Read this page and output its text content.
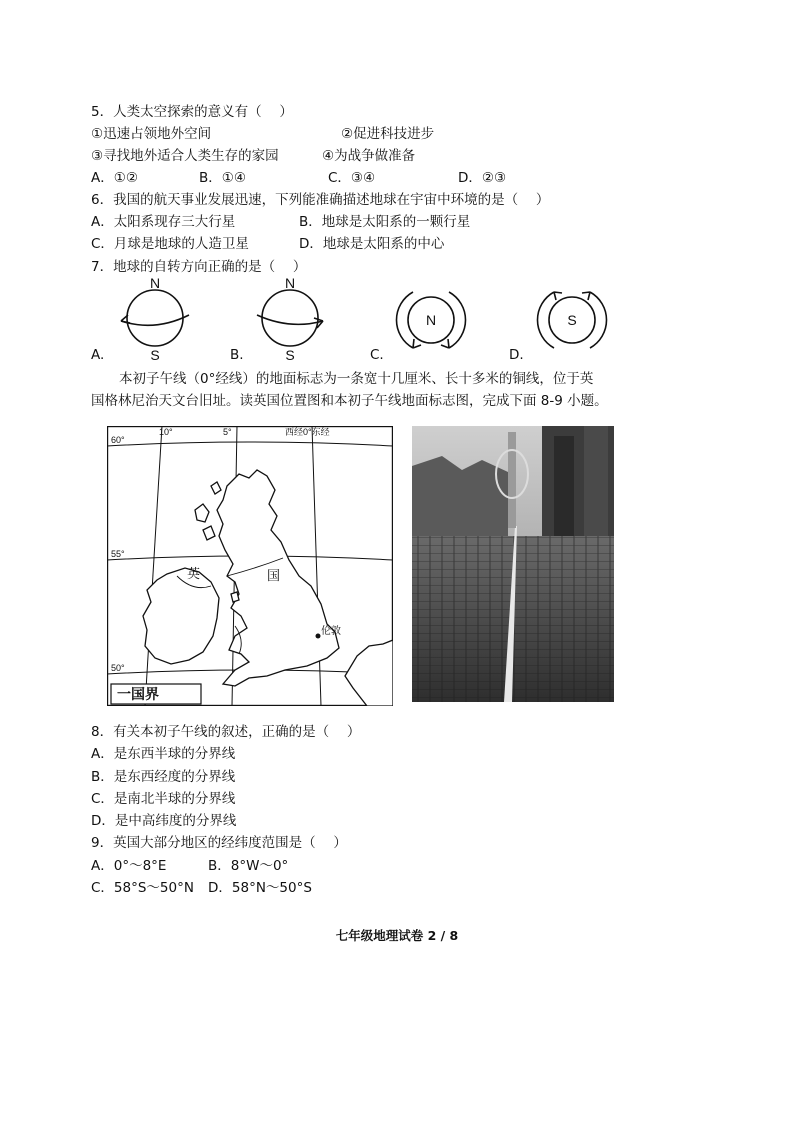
5．人类太空探索的意义有（　 ）
①迅速占领地外空间	②促进科技进步
③寻找地外适合人类生存的家园	④为战争做准备
A．①②	B．①④	C．③④	D．②③
6．我国的航天事业发展迅速，下列能准确描述地球在宇宙中环境的是（　 ）
A．太阳系现存三大行星	B．地球是太阳系的一颗行星
C．月球是地球的人造卫星	D．地球是太阳系的中心
7．地球的自转方向正确的是（　 ）
N
S
N
S
N	S
A.	B.	C.	D.
本初子午线（0°经线）的地面标志为一条宽十几厘米、长十多米的铜线，位于英
国格林尼治天文台旧址。读英国位置图和本初子午线地面标志图，完成下面 8-9 小题。
60°
55°
50°
10°	5°	西经0°东经
英	国
伦敦
一国界
8．有关本初子午线的叙述，正确的是（　 ）
A．是东西半球的分界线
B．是东西经度的分界线
C．是南北半球的分界线
D．是中高纬度的分界线
9．英国大部分地区的经纬度范围是（　 ）
A．0°～8°E	B．8°W～0°
C．58°S～50°N D．58°N～50°S
七年级地理试卷 2 / 8
